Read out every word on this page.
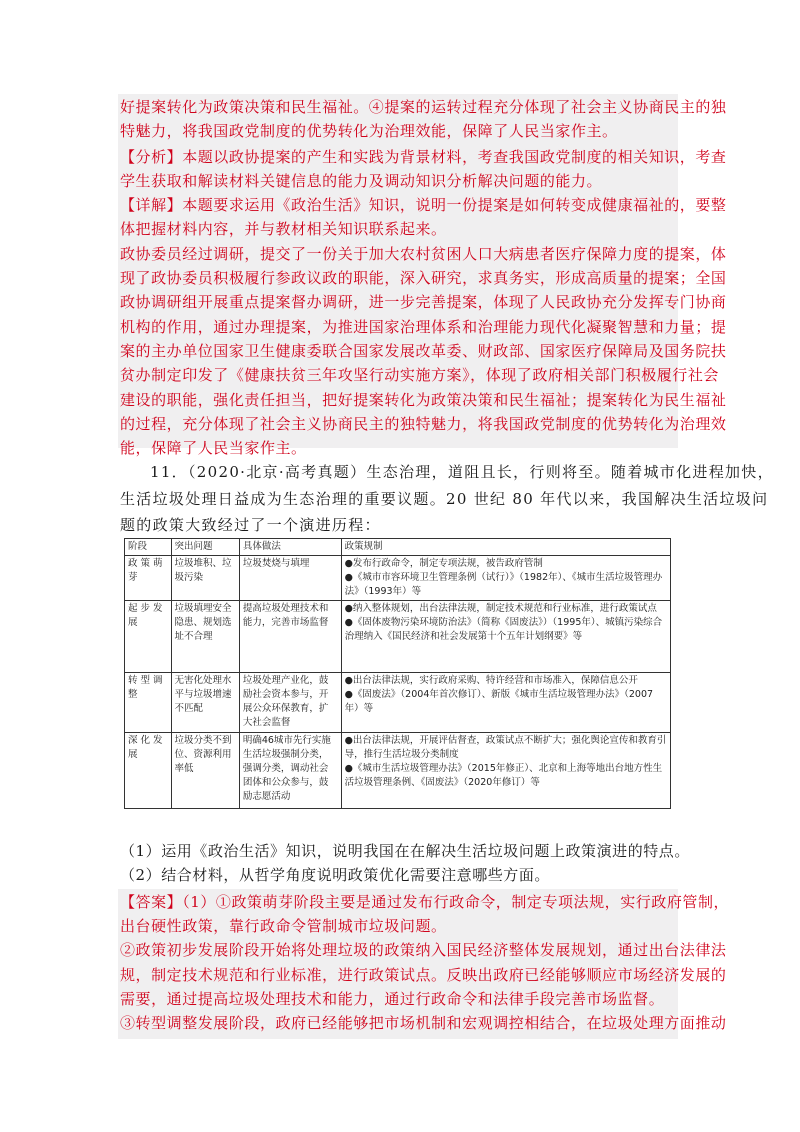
好提案转化为政策决策和民生福祉。④提案的运转过程充分体现了社会主义协商民主的独
特魅力，将我国政党制度的优势转化为治理效能，保障了人民当家作主。
【分析】本题以政协提案的产生和实践为背景材料，考查我国政党制度的相关知识，考查
学生获取和解读材料关键信息的能力及调动知识分析解决问题的能力。
【详解】本题要求运用《政治生活》知识，说明一份提案是如何转变成健康福祉的，要整
体把握材料内容，并与教材相关知识联系起来。
政协委员经过调研，提交了一份关于加大农村贫困人口大病患者医疗保障力度的提案，体
现了政协委员积极履行参政议政的职能，深入研究，求真务实，形成高质量的提案；全国
政协调研组开展重点提案督办调研，进一步完善提案，体现了人民政协充分发挥专门协商
机构的作用，通过办理提案，为推进国家治理体系和治理能力现代化凝聚智慧和力量；提
案的主办单位国家卫生健康委联合国家发展改革委、财政部、国家医疗保障局及国务院扶
贫办制定印发了《健康扶贫三年攻坚行动实施方案》，体现了政府相关部门积极履行社会
建设的职能，强化责任担当，把好提案转化为政策决策和民生福祉；提案转化为民生福祉
的过程，充分体现了社会主义协商民主的独特魅力，将我国政党制度的优势转化为治理效
能，保障了人民当家作主。
11．（2020·北京·高考真题）生态治理，道阻且长，行则将至。随着城市化进程加快，
生活垃圾处理日益成为生态治理的重要议题。20 世纪 80 年代以来，我国解决生活垃圾问
题的政策大致经过了一个演进历程：
阶段	突出问题	具体做法	政策规制
政 策 萌芽	垃圾堆积、垃圾污染	垃圾焚烧与填埋	●发布行政命令，制定专项法规，被告政府管制
●《城市市容环境卫生管理条例（试行）》（1982年）、《城市生活垃圾管理办法》（1993年）等

起 步 发展	垃圾填埋安全隐患、规划选址不合理	提高垃圾处理技术和能力，完善市场监督	●纳入整体规划，出台法律法规，制定技术规范和行业标准，进行政策试点
●《固体废物污染环境防治法》（简称《固废法》）（1995年）、城镇污染综合治理纳入《国民经济和社会发展第十个五年计划纲要》等

转 型 调整	无害化处理水平与垃圾增速不匹配	垃圾处理产业化，鼓励社会资本参与，开展公众环保教育，扩大社会监督	●出台法律法规，实行政府采购、特许经营和市场准入，保障信息公开
●《固废法》（2004年首次修订）、新版《城市生活垃圾管理办法》（2007年）等

深 化 发展	垃圾分类不到位、资源利用率低	明确46城市先行实施生活垃圾强制分类，强调分类，调动社会团体和公众参与，鼓励志愿活动	●出台法律法规，开展评估督查，政策试点不断扩大；强化舆论宣传和教育引导，推行生活垃圾分类制度
●《城市生活垃圾管理办法》（2015年修正）、北京和上海等地出台地方性生活垃圾管理条例、《固废法》（2020年修订）等
（1）运用《政治生活》知识，说明我国在在解决生活垃圾问题上政策演进的特点。
（2）结合材料，从哲学角度说明政策优化需要注意哪些方面。
【答案】（1）①政策萌芽阶段主要是通过发布行政命令，制定专项法规，实行政府管制，
出台硬性政策，靠行政命令管制城市垃圾问题。
②政策初步发展阶段开始将处理垃圾的政策纳入国民经济整体发展规划，通过出台法律法
规，制定技术规范和行业标准，进行政策试点。反映出政府已经能够顺应市场经济发展的
需要，通过提高垃圾处理技术和能力，通过行政命令和法律手段完善市场监督。
③转型调整发展阶段，政府已经能够把市场机制和宏观调控相结合，在垃圾处理方面推动
